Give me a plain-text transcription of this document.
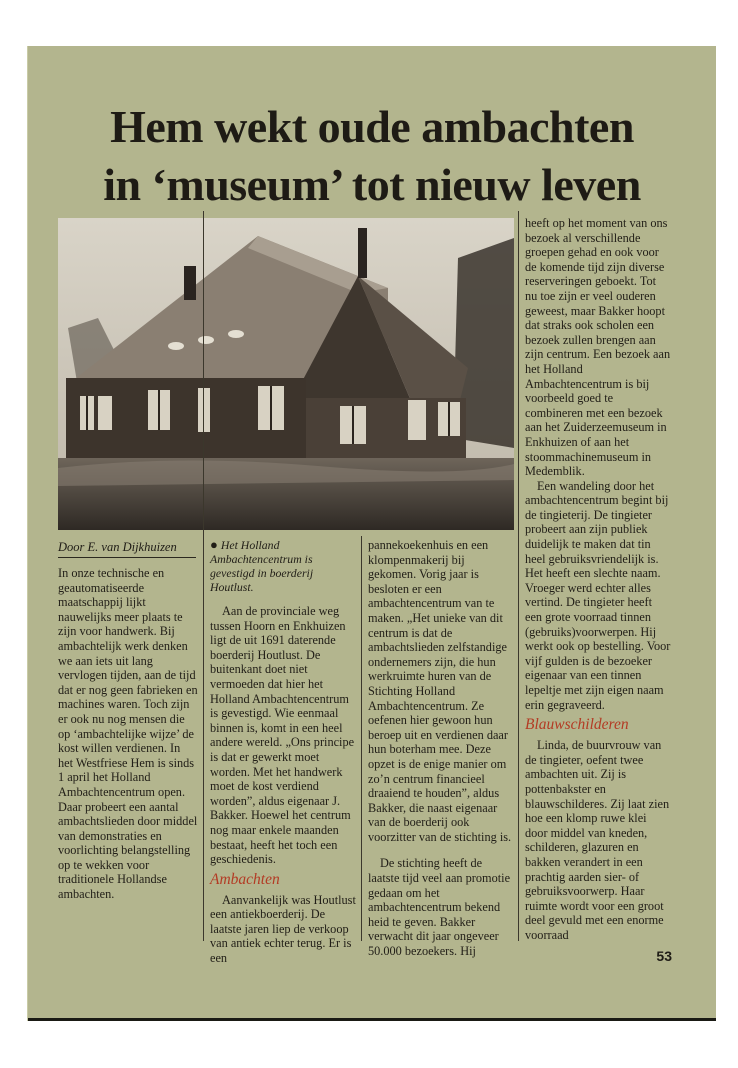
Hem wekt oude ambachten
in ‘museum’ tot nieuw leven
Door E. van Dijkhuizen

In onze technische en geautomatiseerde maatschappij lijkt nauwelijks meer plaats te zijn voor handwerk. Bij ambachtelijk werk denken we aan iets uit lang vervlogen tijden, aan de tijd dat er nog geen fabrieken en machines waren. Toch zijn er ook nu nog mensen die op ‘ambachtelijke wijze’ de kost willen verdienen. In het Westfriese Hem is sinds 1 april het Holland Ambachtencentrum open. Daar probeert een aantal ambachtslieden door middel van demonstraties en voorlichting belangstelling op te wekken voor traditionele Hollandse ambachten.

● Het Holland Ambachtencentrum is gevestigd in boerderij Houtlust.

Aan de provinciale weg tussen Hoorn en Enkhuizen ligt de uit 1691 daterende boerderij Houtlust. De buitenkant doet niet vermoeden dat hier het Holland Ambachtencentrum is gevestigd. Wie eenmaal binnen is, komt in een heel andere wereld. „Ons principe is dat er gewerkt moet worden. Met het handwerk moet de kost verdiend worden”, aldus eigenaar J. Bakker. Hoewel het centrum nog maar enkele maanden bestaat, heeft het toch een geschiedenis.

Ambachten

Aanvankelijk was Houtlust een antiekboerderij. De laatste jaren liep de verkoop van antiek echter terug. Er is een

pannekoekenhuis en een klompenmakerij bij gekomen. Vorig jaar is besloten er een ambachtencentrum van te maken. „Het unieke van dit centrum is dat de ambachtslieden zelfstandige ondernemers zijn, die hun werkruimte huren van de Stichting Holland Ambachtencentrum. Ze oefenen hier gewoon hun beroep uit en verdienen daar hun boterham mee. Deze opzet is de enige manier om zo’n centrum financieel draaiend te houden”, aldus Bakker, die naast eigenaar van de boerderij ook voorzitter van de stichting is.

De stichting heeft de laatste tijd veel aan promotie gedaan om het ambachtencentrum bekend heid te geven. Bakker verwacht dit jaar ongeveer 50.000 bezoekers. Hij

heeft op het moment van ons bezoek al verschillende groepen gehad en ook voor de komende tijd zijn diverse reserveringen geboekt. Tot nu toe zijn er veel ouderen geweest, maar Bakker hoopt dat straks ook scholen een bezoek zullen brengen aan zijn centrum. Een bezoek aan het Holland Ambachtencentrum is bij voorbeeld goed te combineren met een bezoek aan het Zuiderzeemuseum in Enkhuizen of aan het stoommachinemuseum in Medemblik.

Een wandeling door het ambachtencentrum begint bij de tingieterij. De tingieter probeert aan zijn publiek duidelijk te maken dat tin heel gebruiksvriendelijk is. Het heeft een slechte naam. Vroeger werd echter alles vertind. De tingieter heeft een grote voorraad tinnen (gebruiks)voorwerpen. Hij werkt ook op bestelling. Voor vijf gulden is de bezoeker eigenaar van een tinnen lepeltje met zijn eigen naam erin gegraveerd.

Blauwschilderen

Linda, de buurvrouw van de tingieter, oefent twee ambachten uit. Zij is pottenbakster en blauwschilderes. Zij laat zien hoe een klomp ruwe klei door middel van kneden, schilderen, glazuren en bakken verandert in een prachtig aarden sier- of gebruiksvoorwerp. Haar ruimte wordt voor een groot deel gevuld met een enorme voorraad

53
